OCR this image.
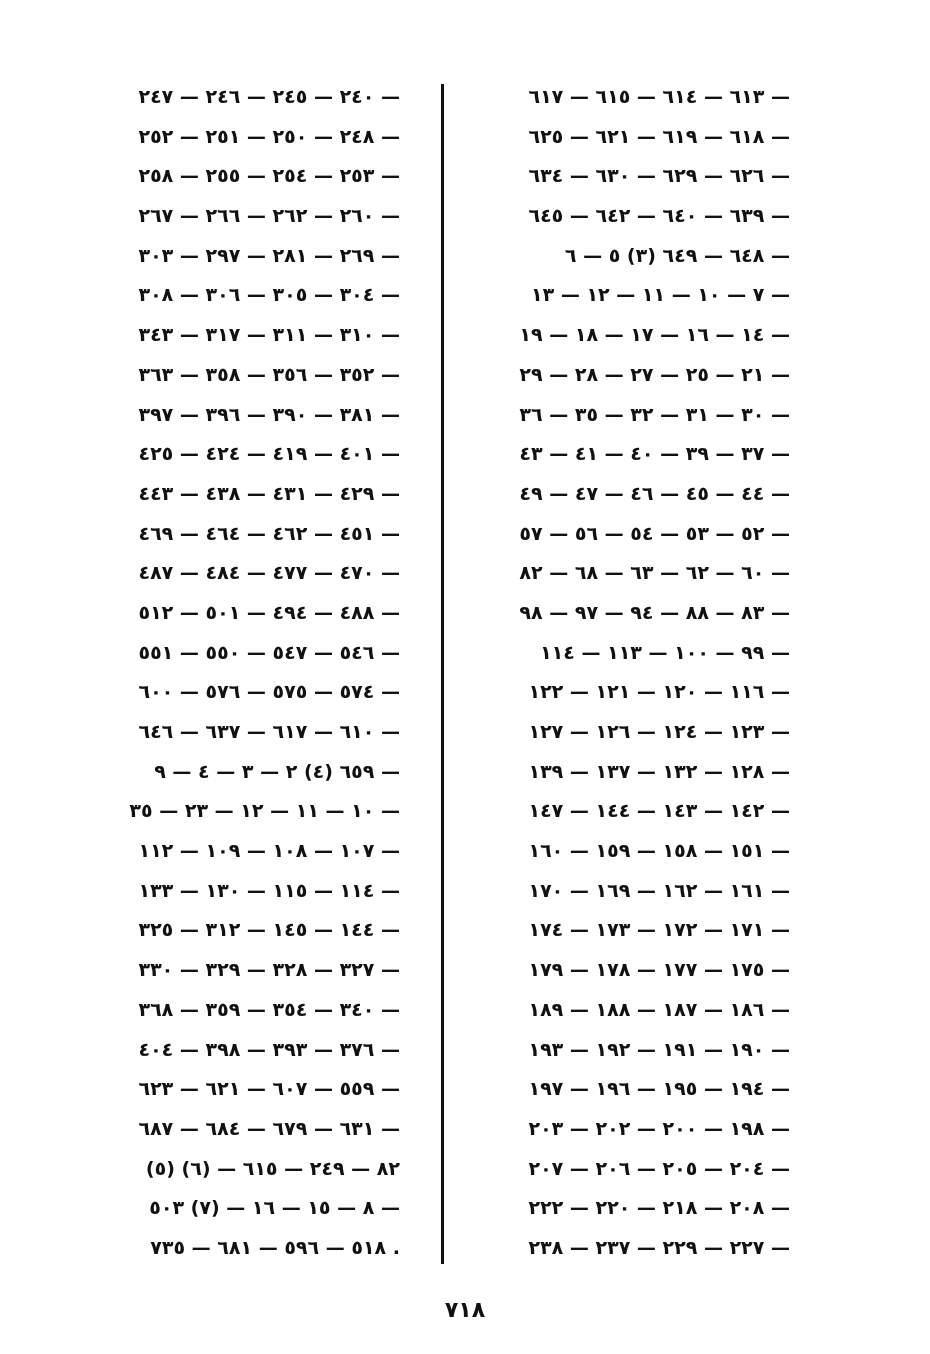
٦١٣ — ٦١٤ — ٦١٥ — ٦١٧ —
٦١٨ — ٦١٩ — ٦٢١ — ٦٢٥ —
٦٢٦ — ٦٢٩ — ٦٣٠ — ٦٣٤ —
٦٣٩ — ٦٤٠ — ٦٤٢ — ٦٤٥ —
٦٤٨ — ٦٤٩ (٣) ٥ — ٦ —
٧ — ١٠ — ١١ — ١٢ — ١٣ —
١٤ — ١٦ — ١٧ — ١٨ — ١٩ —
٢١ — ٢٥ — ٢٧ — ٢٨ — ٢٩ —
٣٠ — ٣١ — ٣٢ — ٣٥ — ٣٦ —
٣٧ — ٣٩ — ٤٠ — ٤١ — ٤٣ —
٤٤ — ٤٥ — ٤٦ — ٤٧ — ٤٩ —
٥٢ — ٥٣ — ٥٤ — ٥٦ — ٥٧ —
٦٠ — ٦٢ — ٦٣ — ٦٨ — ٨٢ —
٨٣ — ٨٨ — ٩٤ — ٩٧ — ٩٨ —
٩٩ — ١٠٠ — ١١٣ — ١١٤ —
١١٦ — ١٢٠ — ١٢١ — ١٢٢ —
١٢٣ — ١٢٤ — ١٢٦ — ١٢٧ —
١٢٨ — ١٣٢ — ١٣٧ — ١٣٩ —
١٤٢ — ١٤٣ — ١٤٤ — ١٤٧ —
١٥١ — ١٥٨ — ١٥٩ — ١٦٠ —
١٦١ — ١٦٢ — ١٦٩ — ١٧٠ —
١٧١ — ١٧٢ — ١٧٣ — ١٧٤ —
١٧٥ — ١٧٧ — ١٧٨ — ١٧٩ —
١٨٦ — ١٨٧ — ١٨٨ — ١٨٩ —
١٩٠ — ١٩١ — ١٩٢ — ١٩٣ —
١٩٤ — ١٩٥ — ١٩٦ — ١٩٧ —
١٩٨ — ٢٠٠ — ٢٠٢ — ٢٠٣ —
٢٠٤ — ٢٠٥ — ٢٠٦ — ٢٠٧ —
٢٠٨ — ٢١٨ — ٢٢٠ — ٢٢٢ —
٢٢٧ — ٢٢٩ — ٢٣٧ — ٢٣٨ —
٢٤٠ — ٢٤٥ — ٢٤٦ — ٢٤٧ —
٢٤٨ — ٢٥٠ — ٢٥١ — ٢٥٢ —
٢٥٣ — ٢٥٤ — ٢٥٥ — ٢٥٨ —
٢٦٠ — ٢٦٢ — ٢٦٦ — ٢٦٧ —
٢٦٩ — ٢٨١ — ٢٩٧ — ٣٠٣ —
٣٠٤ — ٣٠٥ — ٣٠٦ — ٣٠٨ —
٣١٠ — ٣١١ — ٣١٧ — ٣٤٣ —
٣٥٢ — ٣٥٦ — ٣٥٨ — ٣٦٣ —
٣٨١ — ٣٩٠ — ٣٩٦ — ٣٩٧ —
٤٠١ — ٤١٩ — ٤٢٤ — ٤٢٥ —
٤٢٩ — ٤٣١ — ٤٣٨ — ٤٤٣ —
٤٥١ — ٤٦٢ — ٤٦٤ — ٤٦٩ —
٤٧٠ — ٤٧٧ — ٤٨٤ — ٤٨٧ —
٤٨٨ — ٤٩٤ — ٥٠١ — ٥١٢ —
٥٤٦ — ٥٤٧ — ٥٥٠ — ٥٥١ —
٥٧٤ — ٥٧٥ — ٥٧٦ — ٦٠٠ —
٦١٠ — ٦١٧ — ٦٣٧ — ٦٤٦ —
٦٥٩ (٤) ٢ — ٣ — ٤ — ٩ —
١٠ — ١١ — ١٢ — ٢٣ — ٣٥ —
١٠٧ — ١٠٨ — ١٠٩ — ١١٢ —
١١٤ — ١١٥ — ١٣٠ — ١٣٣ —
١٤٤ — ١٤٥ — ٣١٢ — ٣٢٥ —
٣٢٧ — ٣٢٨ — ٣٢٩ — ٣٣٠ —
٣٤٠ — ٣٥٤ — ٣٥٩ — ٣٦٨ —
٣٧٦ — ٣٩٣ — ٣٩٨ — ٤٠٤ —
٥٥٩ — ٦٠٧ — ٦٢١ — ٦٢٣ —
٦٣١ — ٦٧٩ — ٦٨٤ — ٦٨٧ —
(٥) ٨٢ — ٢٤٩ — ٦١٥ — (٦)
٨ — ١٥ — ١٦ — (٧) ٥٠٣ —
٥١٨ — ٥٩٦ — ٦٨١ — ٧٣٥ .
٧١٨
